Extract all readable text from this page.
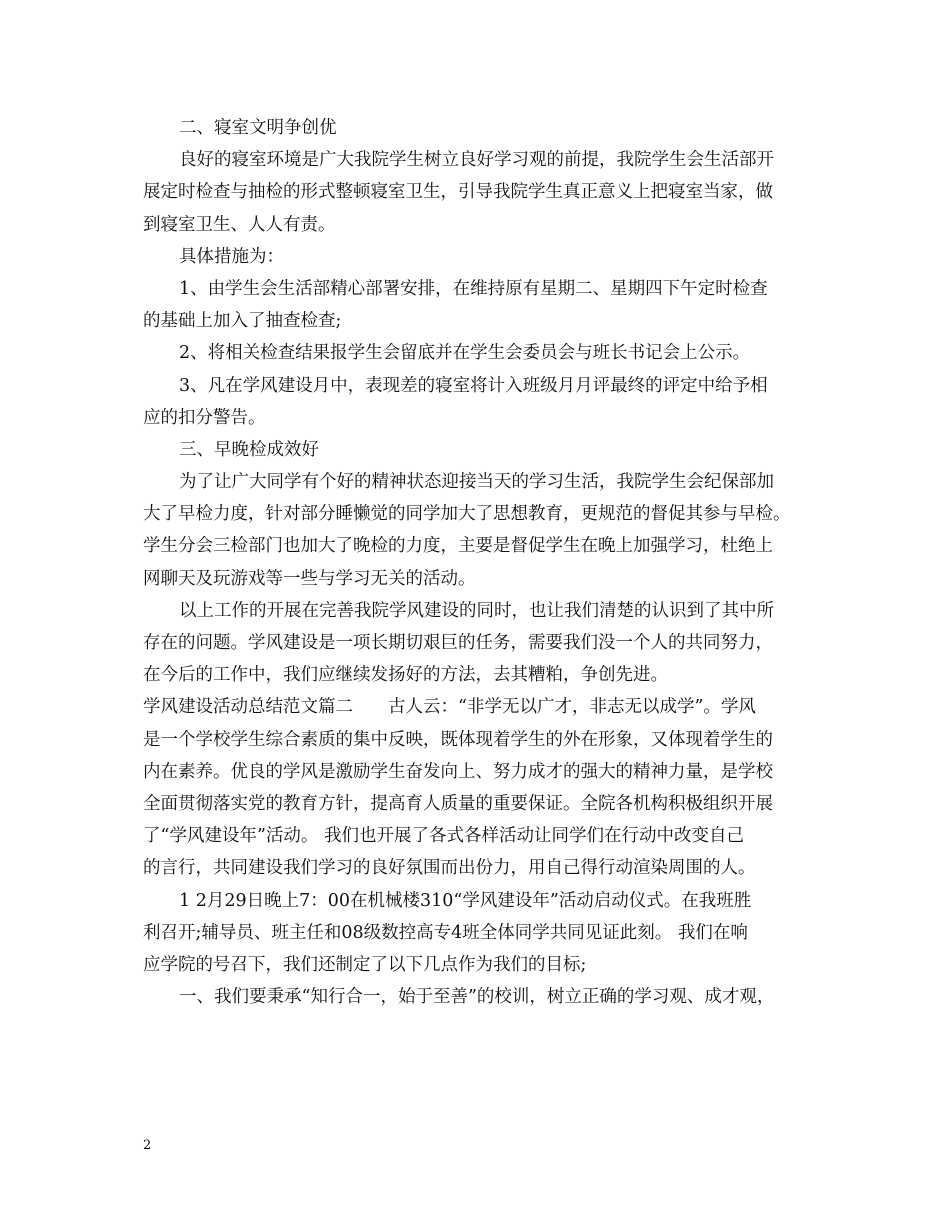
二、寝室文明争创优
良好的寝室环境是广大我院学生树立良好学习观的前提，我院学生会生活部开
展定时检查与抽检的形式整顿寝室卫生，引导我院学生真正意义上把寝室当家，做
到寝室卫生、人人有责。
具体措施为：
1、由学生会生活部精心部署安排，在维持原有星期二、星期四下午定时检查
的基础上加入了抽查检查;
2、将相关检查结果报学生会留底并在学生会委员会与班长书记会上公示。
3、凡在学风建设月中，表现差的寝室将计入班级月月评最终的评定中给予相
应的扣分警告。
三、早晚检成效好
为了让广大同学有个好的精神状态迎接当天的学习生活，我院学生会纪保部加
大了早检力度，针对部分睡懒觉的同学加大了思想教育，更规范的督促其参与早检。
学生分会三检部门也加大了晚检的力度，主要是督促学生在晚上加强学习，杜绝上
网聊天及玩游戏等一些与学习无关的活动。
以上工作的开展在完善我院学风建设的同时，也让我们清楚的认识到了其中所
存在的问题。学风建设是一项长期切艰巨的任务，需要我们没一个人的共同努力，
在今后的工作中，我们应继续发扬好的方法，去其糟粕，争创先进。
学风建设活动总结范文篇二　　古人云：“非学无以广才，非志无以成学”。学风
是一个学校学生综合素质的集中反映，既体现着学生的外在形象，又体现着学生的
内在素养。优良的学风是激励学生奋发向上、努力成才的强大的精神力量，是学校
全面贯彻落实党的教育方针，提高育人质量的重要保证。全院各机构积极组织开展
了“学风建设年”活动。 我们也开展了各式各样活动让同学们在行动中改变自己
的言行，共同建设我们学习的良好氛围而出份力，用自己得行动渲染周围的人。
1 2月29日晚上7：00在机械楼310“学风建设年”活动启动仪式。在我班胜
利召开;辅导员、班主任和08级数控高专4班全体同学共同见证此刻。 我们在响
应学院的号召下，我们还制定了以下几点作为我们的目标;
一、我们要秉承“知行合一，始于至善”的校训，树立正确的学习观、成才观，
2
